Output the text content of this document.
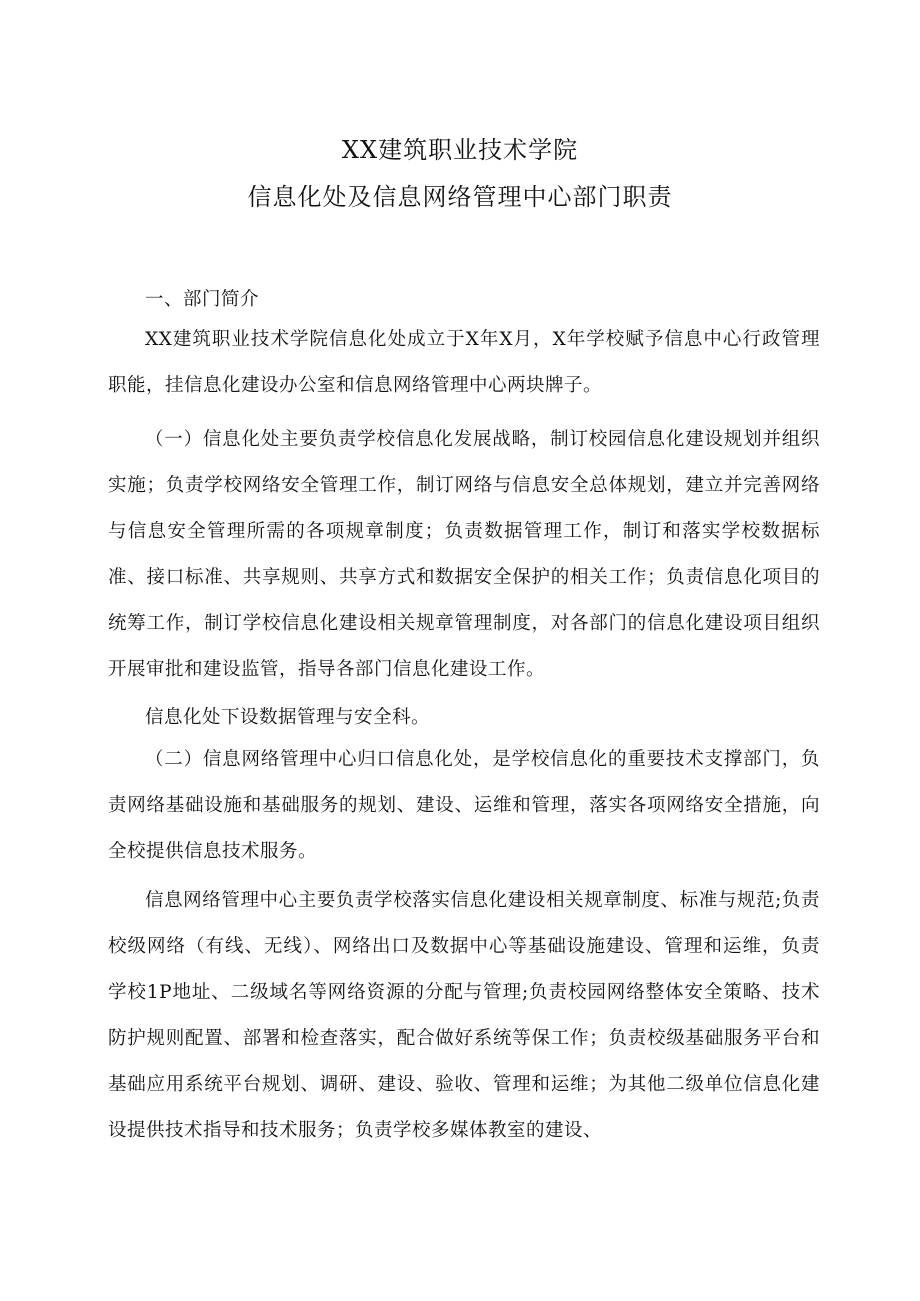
XX建筑职业技术学院
信息化处及信息网络管理中心部门职责

一、部门简介

XX建筑职业技术学院信息化处成立于X年X月，X年学校赋予信息中心行政管理职能，挂信息化建设办公室和信息网络管理中心两块牌子。

（一）信息化处主要负责学校信息化发展战略，制订校园信息化建设规划并组织实施；负责学校网络安全管理工作，制订网络与信息安全总体规划，建立并完善网络与信息安全管理所需的各项规章制度；负责数据管理工作，制订和落实学校数据标准、接口标准、共享规则、共享方式和数据安全保护的相关工作；负责信息化项目的统筹工作，制订学校信息化建设相关规章管理制度，对各部门的信息化建设项目组织开展审批和建设监管，指导各部门信息化建设工作。

信息化处下设数据管理与安全科。

（二）信息网络管理中心归口信息化处，是学校信息化的重要技术支撑部门，负责网络基础设施和基础服务的规划、建设、运维和管理，落实各项网络安全措施，向全校提供信息技术服务。

信息网络管理中心主要负责学校落实信息化建设相关规章制度、标准与规范;负责校级网络（有线、无线）、网络出口及数据中心等基础设施建设、管理和运维，负责学校1P地址、二级域名等网络资源的分配与管理;负责校园网络整体安全策略、技术防护规则配置、部署和检查落实，配合做好系统等保工作；负责校级基础服务平台和基础应用系统平台规划、调研、建设、验收、管理和运维；为其他二级单位信息化建设提供技术指导和技术服务；负责学校多媒体教室的建设、
